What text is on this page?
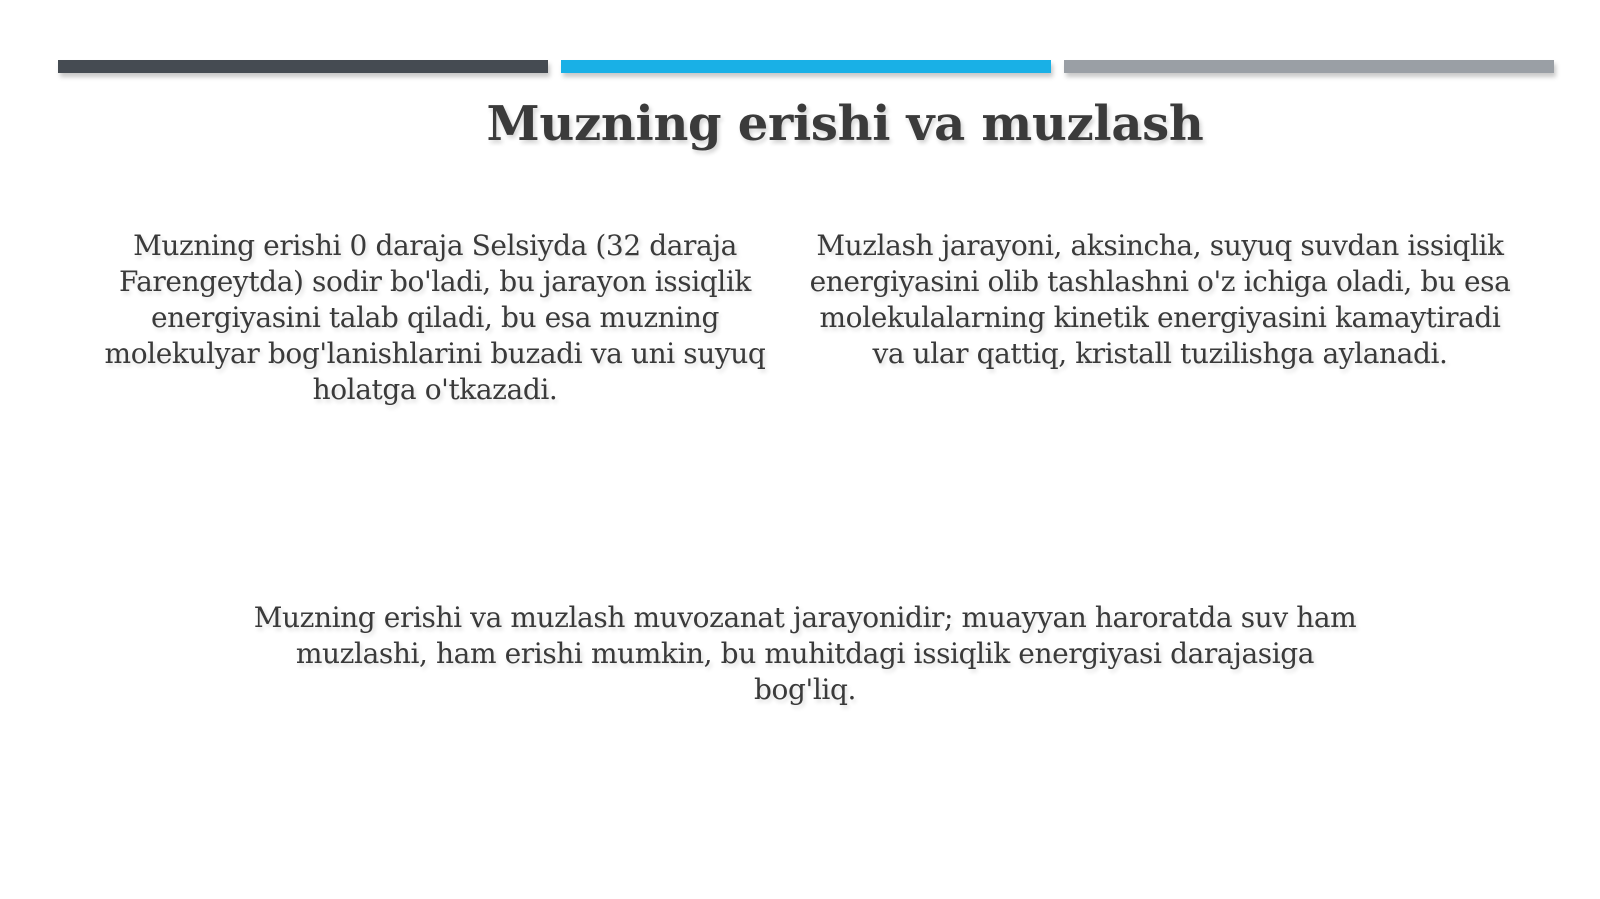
Muzning erishi va muzlash

Muzning erishi 0 daraja Selsiyda (32 daraja Farengeytda) sodir bo'ladi, bu jarayon issiqlik energiyasini talab qiladi, bu esa muzning molekulyar bog'lanishlarini buzadi va uni suyuq holatga o'tkazadi.

Muzlash jarayoni, aksincha, suyuq suvdan issiqlik energiyasini olib tashlashni o'z ichiga oladi, bu esa molekulalarning kinetik energiyasini kamaytiradi va ular qattiq, kristall tuzilishga aylanadi.

Muzning erishi va muzlash muvozanat jarayonidir; muayyan haroratda suv ham muzlashi, ham erishi mumkin, bu muhitdagi issiqlik energiyasi darajasiga bog'liq.
